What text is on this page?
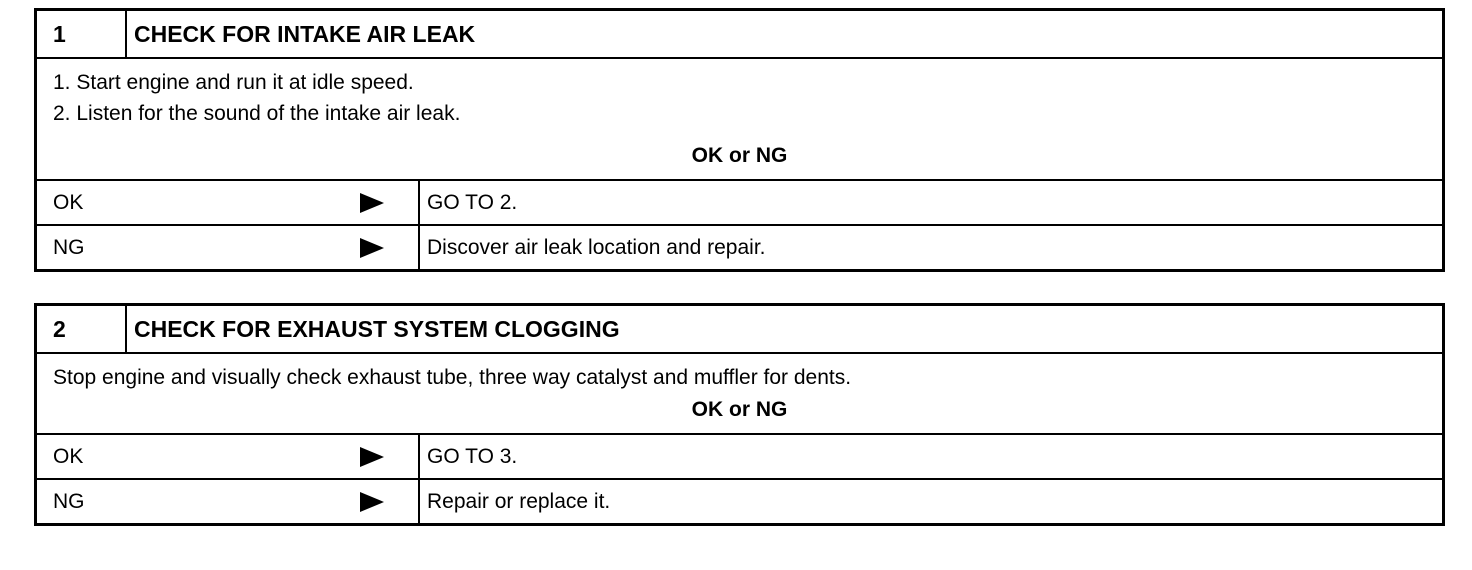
1	CHECK FOR INTAKE AIR LEAK
1. Start engine and run it at idle speed.
2. Listen for the sound of the intake air leak.
OK or NG
OK	GO TO 2.
NG	Discover air leak location and repair.
2	CHECK FOR EXHAUST SYSTEM CLOGGING
Stop engine and visually check exhaust tube, three way catalyst and muffler for dents.
OK or NG
OK	GO TO 3.
NG	Repair or replace it.
